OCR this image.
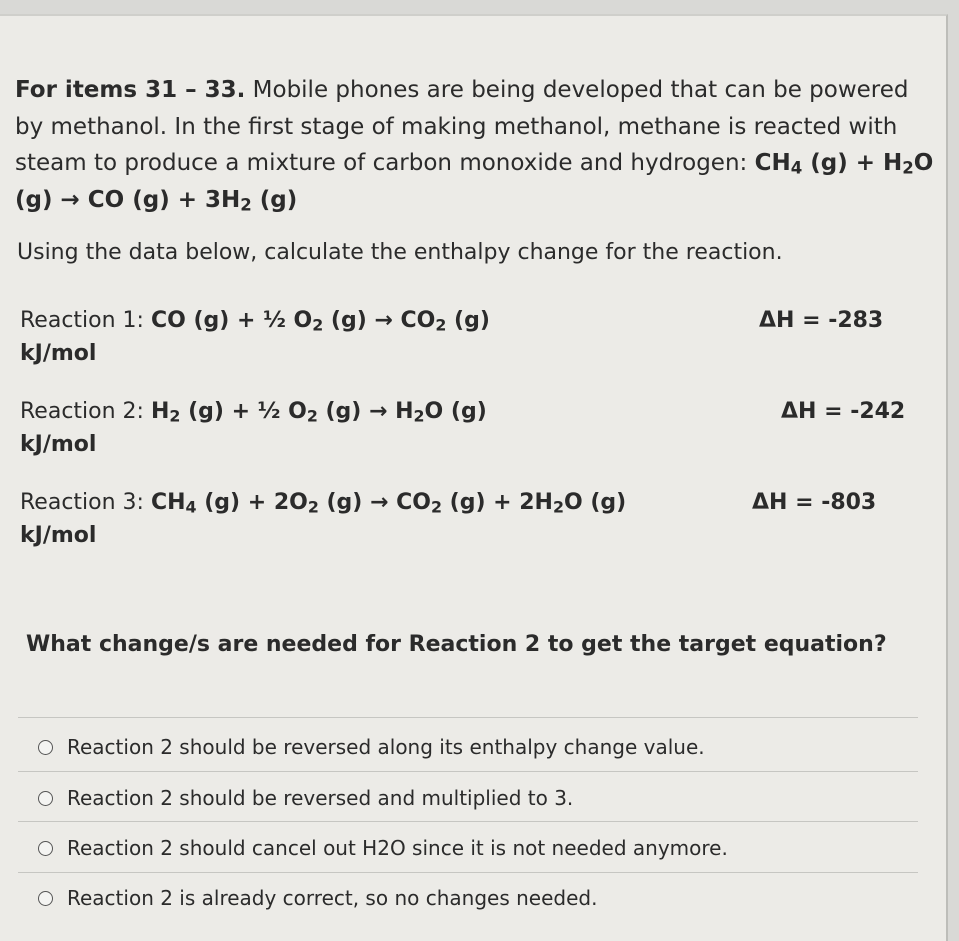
For items 31 – 33. Mobile phones are being developed that can be powered by methanol. In the first stage of making methanol, methane is reacted with steam to produce a mixture of carbon monoxide and hydrogen: $CH_4$ $(g) + H_2O$ (g) → CO $(g) + 3H_2$ (g)
Using the data below, calculate the enthalpy change for the reaction.
Reaction 1: CO (g) + ½ $O_2$ $(g) \to CO_2$ (g)	ΔH = -283
kJ/mol
Reaction 2: $H_2$ (g) + ½ $O_2$ $(g) \to H_2O$ (g)	ΔH = -242
kJ/mol
Reaction 3: $CH_4$ $(g) + 2O_2$ $(g) \to CO_2$ $(g) + 2H_2O$ (g)	ΔH = -803
kJ/mol
What change/s are needed for Reaction 2 to get the target equation?
Reaction 2 should be reversed along its enthalpy change value.
Reaction 2 should be reversed and multiplied to 3.
Reaction 2 should cancel out H2O since it is not needed anymore.
Reaction 2 is already correct, so no changes needed.
